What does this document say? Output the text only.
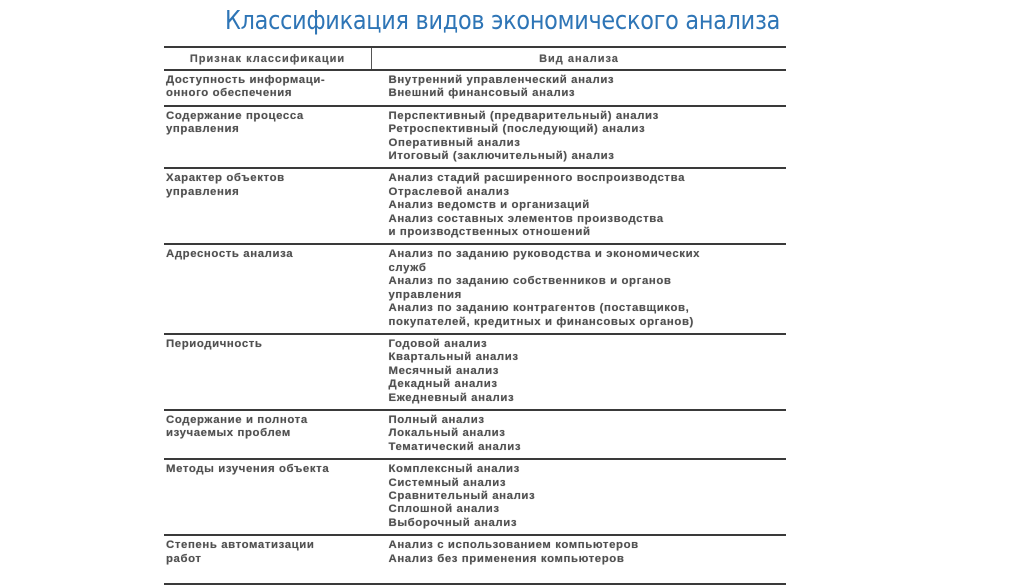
Классификация видов экономического анализа
Признак классификации	Вид анализа

Доступность информаци-
онного обеспечения	Внутренний управленческий анализ
Внешний финансовый анализ

Содержание процесса
управления	Перспективный (предварительный) анализ
Ретроспективный (последующий) анализ
Оперативный анализ
Итоговый (заключительный) анализ

Характер объектов
управления	Анализ стадий расширенного воспроизводства
Отраслевой анализ
Анализ ведомств и организаций
Анализ составных элементов производства
и производственных отношений

Адресность анализа	Анализ по заданию руководства и экономических
служб
Анализ по заданию собственников и органов
управления
Анализ по заданию контрагентов (поставщиков,
покупателей, кредитных и финансовых органов)

Периодичность	Годовой анализ
Квартальный анализ
Месячный анализ
Декадный анализ
Ежедневный анализ

Содержание и полнота
изучаемых проблем	Полный анализ
Локальный анализ
Тематический анализ

Методы изучения объекта	Комплексный анализ
Системный анализ
Сравнительный анализ
Сплошной анализ
Выборочный анализ

Степень автоматизации
работ	Анализ с использованием компьютеров
Анализ без применения компьютеров
